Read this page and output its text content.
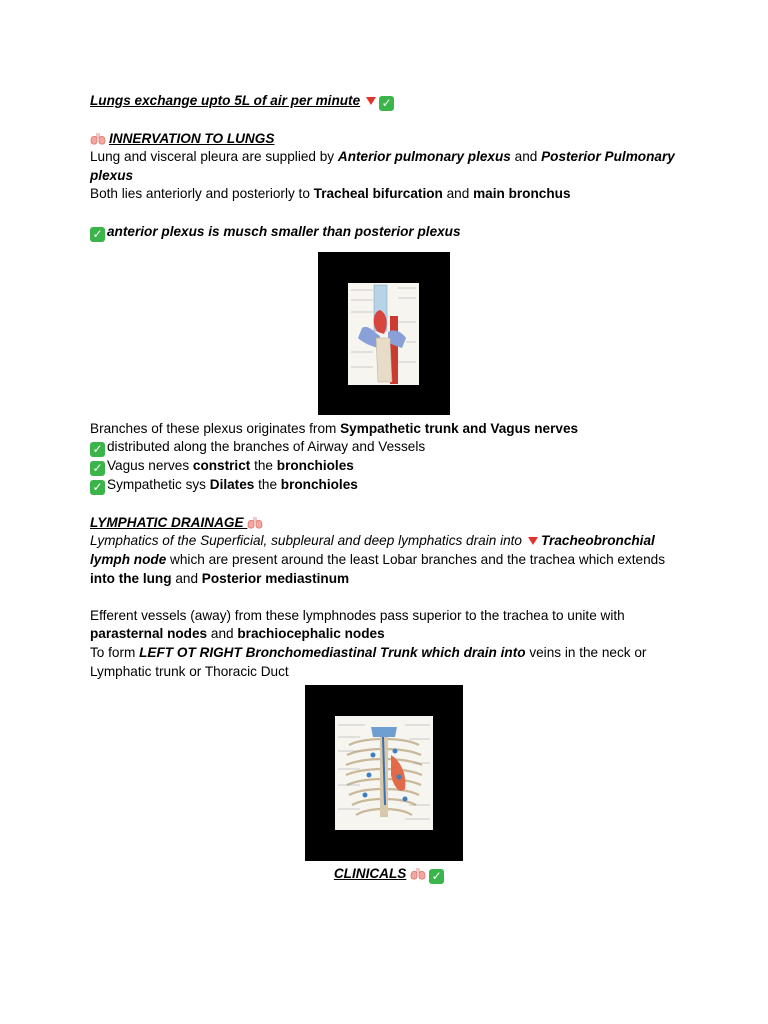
Lungs exchange upto 5L of air per minute ✓

INNERVATION TO LUNGS

Lung and visceral pleura are supplied by Anterior pulmonary plexus and Posterior Pulmonary plexus

Both lies anteriorly and posteriorly to Tracheal bifurcation and main bronchus

✓ anterior plexus is musch smaller than posterior plexus

Branches of these plexus originates from Sympathetic trunk and Vagus nerves

✓ distributed along the branches of Airway and Vessels

✓ Vagus nerves constrict the bronchioles

✓ Sympathetic sys Dilates the bronchioles

LYMPHATIC DRAINAGE

Lymphatics of the Superficial, subpleural and deep lymphatics drain into Tracheobronchial lymph node which are present around the least Lobar branches and the trachea which extends into the lung and Posterior mediastinum

Efferent vessels (away) from these lymphnodes pass superior to the trachea to unite with parasternal nodes and brachiocephalic nodes

To form LEFT OT RIGHT Bronchomediastinal Trunk which drain into veins in the neck or Lymphatic trunk or Thoracic Duct

CLINICALS ✓
